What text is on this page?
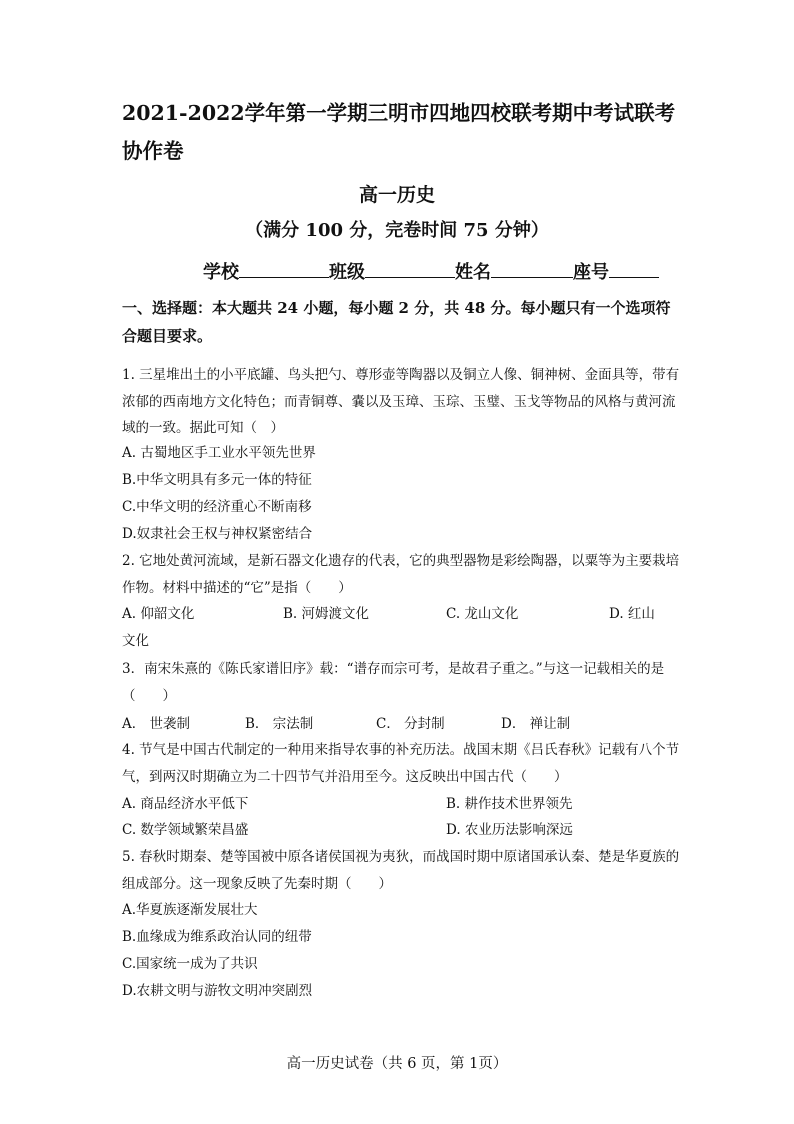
2021-2022学年第一学期三明市四地四校联考期中考试联考
协作卷
高一历史
（满分 100 分，完卷时间 75 分钟）
学校	班级	姓名	座号
一、选择题：本大题共 24 小题，每小题 2 分，共 48 分。每小题只有一个选项符合题目要求。
1. 三星堆出土的小平底罐、鸟头把勺、尊形壶等陶器以及铜立人像、铜神树、金面具等，带有浓郁的西南地方文化特色；而青铜尊、嚢以及玉璋、玉琮、玉璧、玉戈等物品的风格与黄河流域的一致。据此可知（　）
A. 古蜀地区手工业水平领先世界
B.中华文明具有多元一体的特征
C.中华文明的经济重心不断南移
D.奴隶社会王权与神权紧密结合
2. 它地处黄河流域，是新石器文化遗存的代表，它的典型器物是彩绘陶器，以粟等为主要栽培作物。材料中描述的“它”是指（　　）
A. 仰韶文化	B. 河姆渡文化	C. 龙山文化	D. 红山
文化
3．南宋朱熹的《陈氏家谱旧序》载：“谱存而宗可考，是故君子重之。”与这一记载相关的是（　　）
A． 世袭制	B． 宗法制	C． 分封制	D． 禅让制
4. 节气是中国古代制定的一种用来指导农事的补充历法。战国末期《吕氏春秋》记载有八个节气，到两汉时期确立为二十四节气并沿用至今。这反映出中国古代（　　）
A. 商品经济水平低下	B. 耕作技术世界领先
C. 数学领域繁荣昌盛	D. 农业历法影响深远
5. 春秋时期秦、楚等国被中原各诸侯国视为夷狄，而战国时期中原诸国承认秦、楚是华夏族的组成部分。这一现象反映了先秦时期（　　）
A.华夏族逐渐发展壮大
B.血缘成为维系政治认同的纽带
C.国家统一成为了共识
D.农耕文明与游牧文明冲突剧烈
高一历史试卷（共 6 页，第 1页）
